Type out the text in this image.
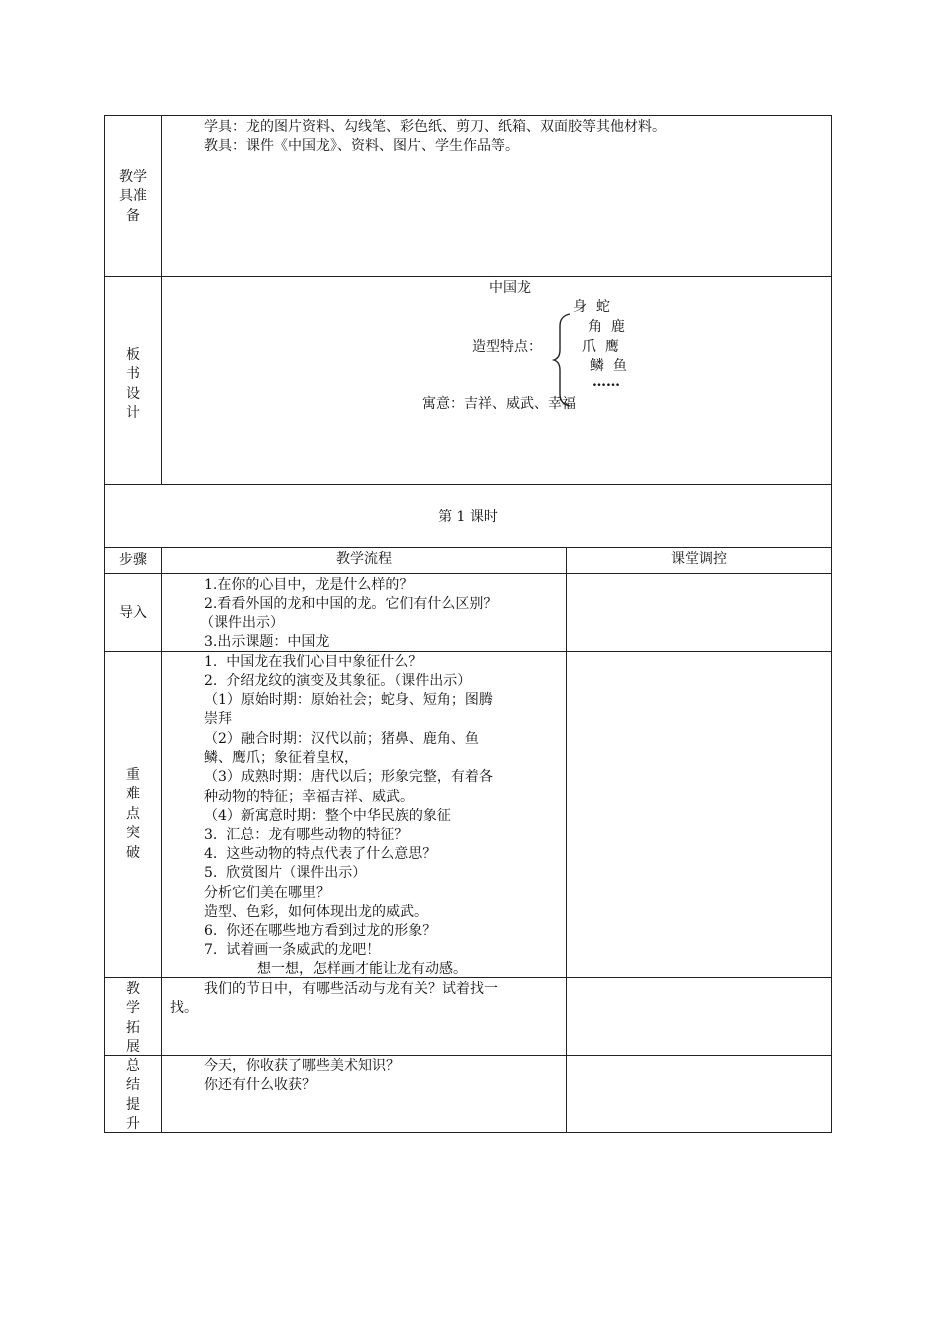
教学
具准
备
学具：龙的图片资料、勾线笔、彩色纸、剪刀、纸箱、双面胶等其他材料。
教具：课件《中国龙》、资料、图片、学生作品等。
板
书
设
计
中国龙
造型特点：
身  蛇
角  鹿
爪  鹰
鳞  鱼
……
寓意：吉祥、威武、幸福
第 1 课时
步骤	教学流程	课堂调控
导入
1.在你的心目中，龙是什么样的？
2.看看外国的龙和中国的龙。它们有什么区别？
（课件出示）
3.出示课题：中国龙
重
难
点
突
破
1.  中国龙在我们心目中象征什么？
2.  介绍龙纹的演变及其象征。（课件出示）
（1）原始时期：原始社会；蛇身、短角；图腾
崇拜
（2）融合时期：汉代以前；猪鼻、鹿角、鱼
鳞、鹰爪；象征着皇权，
（3）成熟时期：唐代以后；形象完整，有着各
种动物的特征；幸福吉祥、威武。
（4）新寓意时期：整个中华民族的象征
3.  汇总：龙有哪些动物的特征？
4.  这些动物的特点代表了什么意思？
5.  欣赏图片（课件出示）
分析它们美在哪里？
造型、色彩，如何体现出龙的威武。
6.  你还在哪些地方看到过龙的形象？
7.  试着画一条威武的龙吧！
想一想，怎样画才能让龙有动感。
教
学
拓
展
我们的节日中，有哪些活动与龙有关？试着找一
找。
总
结
提
升
今天，你收获了哪些美术知识？
你还有什么收获？
